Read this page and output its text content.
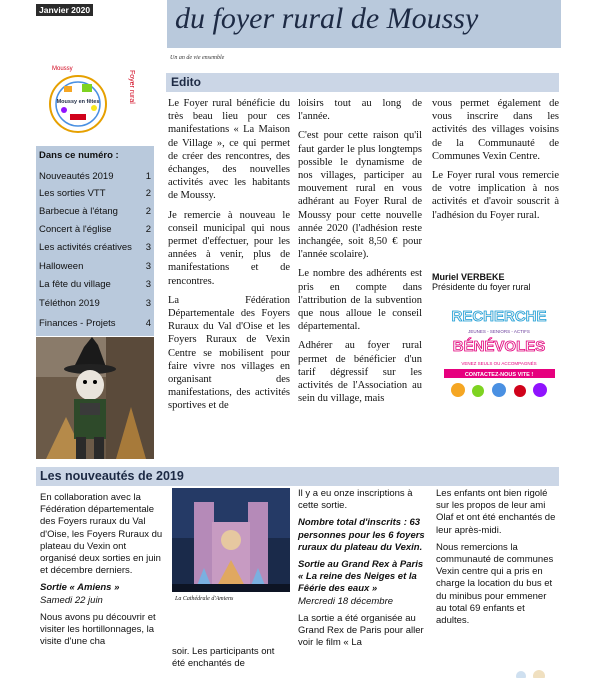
Janvier 2020	du foyer rural de Moussy
Un an de vie ensemble
Moussy
Moussy en fêtes	Foyer rural
Dans ce numéro :
Nouveautés 2019	1
Les sorties VTT	2
Barbecue à l'étang	2
Concert à l'église	2
Les activités créatives 3
Halloween	3
La fête du village	3
Téléthon 2019	3
Finances - Projets	4
Edito

Le Foyer rural bénéficie du très beau lieu pour ces manifestations « La Maison de Village », ce qui permet de créer des rencontres, des échanges, des nouvelles activités avec les habitants de Moussy.

Je remercie à nouveau le conseil municipal qui nous permet d'effectuer, pour les années à venir, plus de manifestations et de rencontres.

La Fédération Départementale des Foyers Ruraux du Val d'Oise et les Foyers Ruraux de Vexin Centre se mobilisent pour faire vivre nos villages en organisant des manifestations, des activités sportives et de

loisirs tout au long de l'année.

C'est pour cette raison qu'il faut garder le plus longtemps possible le dynamisme de nos villages, participer au mouvement rural en vous adhérant au Foyer Rural de Moussy pour cette nouvelle année 2020 (l'adhésion reste inchangée, soit 8,50 € pour l'année scolaire).

Le nombre des adhérents est pris en compte dans l'attribution de la subvention que nous alloue le conseil départemental.

Adhérer au foyer rural permet de bénéficier d'un tarif dégressif sur les activités de l'Association au sein du village, mais

vous permet également de vous inscrire dans les activités des villages voisins de la Communauté de Communes Vexin Centre.

Le Foyer rural vous remercie de votre implication à nos activités et d'avoir souscrit à l'adhésion du Foyer rural.

Muriel VERBEKE
Présidente du foyer rural
RECHERCHE
JEUNES - SENIORS - ACTIFS
BÉNÉVOLES
VENEZ SEULS OU ACCOMPAGNÉS
CONTACTEZ-NOUS VITE !
Les nouveautés de 2019

En collaboration avec la Fédération départementale des Foyers ruraux du Val d'Oise, les Foyers Ruraux du plateau du Vexin ont organisé deux sorties en juin et décembre derniers.

Sortie « Amiens »
Samedi 22 juin

Nous avons pu découvrir et visiter les hortillonnages, la visite d'une cha

La Cathédrale d'Amiens
soir. Les participants ont été enchantés de

Il y a eu onze inscriptions à cette sortie.

Nombre total d'inscrits : 63 personnes pour les 6 foyers ruraux du plateau du Vexin.

Sortie au Grand Rex à Paris « La reine des Neiges et la Fêérie des eaux »
Mercredi 18 décembre

La sortie a été organisée au Grand Rex de Paris pour aller voir le film « La

Les enfants ont bien rigolé sur les propos de leur ami Olaf et ont été enchantés de leur après-midi.

Nous remercions la communauté de communes Vexin centre qui a pris en charge la location du bus et du minibus pour emmener au total 69 enfants et adultes.
